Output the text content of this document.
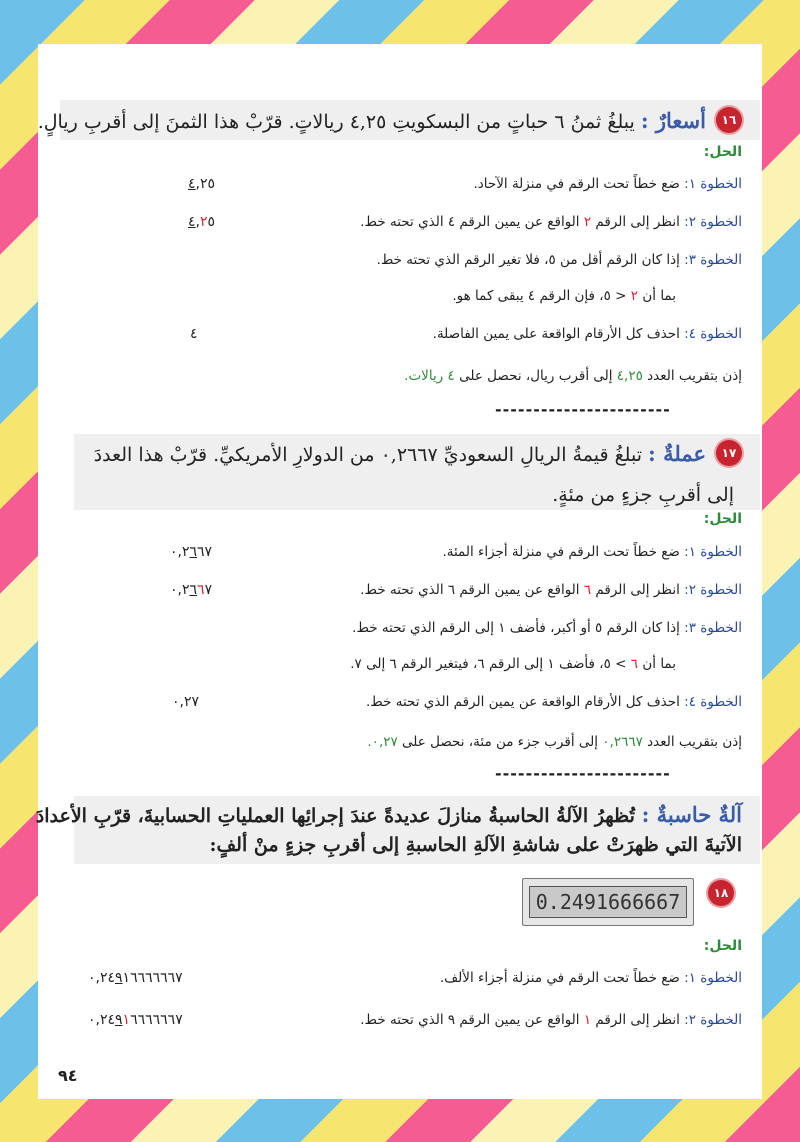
١٦
أسعارٌ : يبلغُ ثمنُ ٦ حباتٍ من البسكويتِ ٤,٢٥ ريالاتٍ. قرّبْ هذا الثمنَ إلى أقربِ ريالٍ.
الحل:
الخطوة ١: ضع خطاً تحت الرقم في منزلة الآحاد.
٤,٢٥
الخطوة ٢: انظر إلى الرقم ٢ الواقع عن يمين الرقم ٤ الذي تحته خط.
٤,٢٥
الخطوة ٣: إذا كان الرقم أقل من ٥، فلا تغير الرقم الذي تحته خط.
بما أن ٢ < ٥، فإن الرقم ٤ يبقى كما هو.
الخطوة ٤: احذف كل الأرقام الواقعة على يمين الفاصلة.
٤
إذن بتقريب العدد ٤,٢٥ إلى أقرب ريال، نحصل على ٤ ريالات.
-----------------------
١٧
عملةٌ : تبلغُ قيمةُ الريالِ السعوديِّ ٠,٢٦٦٧ من الدولارِ الأمريكيِّ. قرّبْ هذا العددَ
إلى أقربِ جزءٍ من مئةٍ.
الحل:
الخطوة ١: ضع خطاً تحت الرقم في منزلة أجزاء المئة.
٠,٢٦٦٧
الخطوة ٢: انظر إلى الرقم ٦ الواقع عن يمين الرقم ٦ الذي تحته خط.
٠,٢٦٦٧
الخطوة ٣: إذا كان الرقم ٥ أو أكبر، فأضف ١ إلى الرقم الذي تحته خط.
بما أن ٦ > ٥، فأضف ١ إلى الرقم ٦، فيتغير الرقم ٦ إلى ٧.
الخطوة ٤: احذف كل الأرقام الواقعة عن يمين الرقم الذي تحته خط.
٠,٢٧
إذن بتقريب العدد ٠,٢٦٦٧ إلى أقرب جزء من مئة، نحصل على ٠,٢٧.
-----------------------
آلةٌ حاسبةٌ : تُظهرُ الآلةُ الحاسبةُ منازلَ عديدةً عندَ إجرائِها العملياتِ الحسابيةَ، قرّبِ الأعدادَ
الآتيةَ التي ظهرَتْ على شاشةِ الآلةِ الحاسبةِ إلى أقربِ جزءٍ منْ ألفٍ:
١٨
0.2491666667
الحل:
الخطوة ١: ضع خطاً تحت الرقم في منزلة أجزاء الألف.
٠,٢٤٩١٦٦٦٦٦٦٧
الخطوة ٢: انظر إلى الرقم ١ الواقع عن يمين الرقم ٩ الذي تحته خط.
٠,٢٤٩١٦٦٦٦٦٦٧
٩٤
